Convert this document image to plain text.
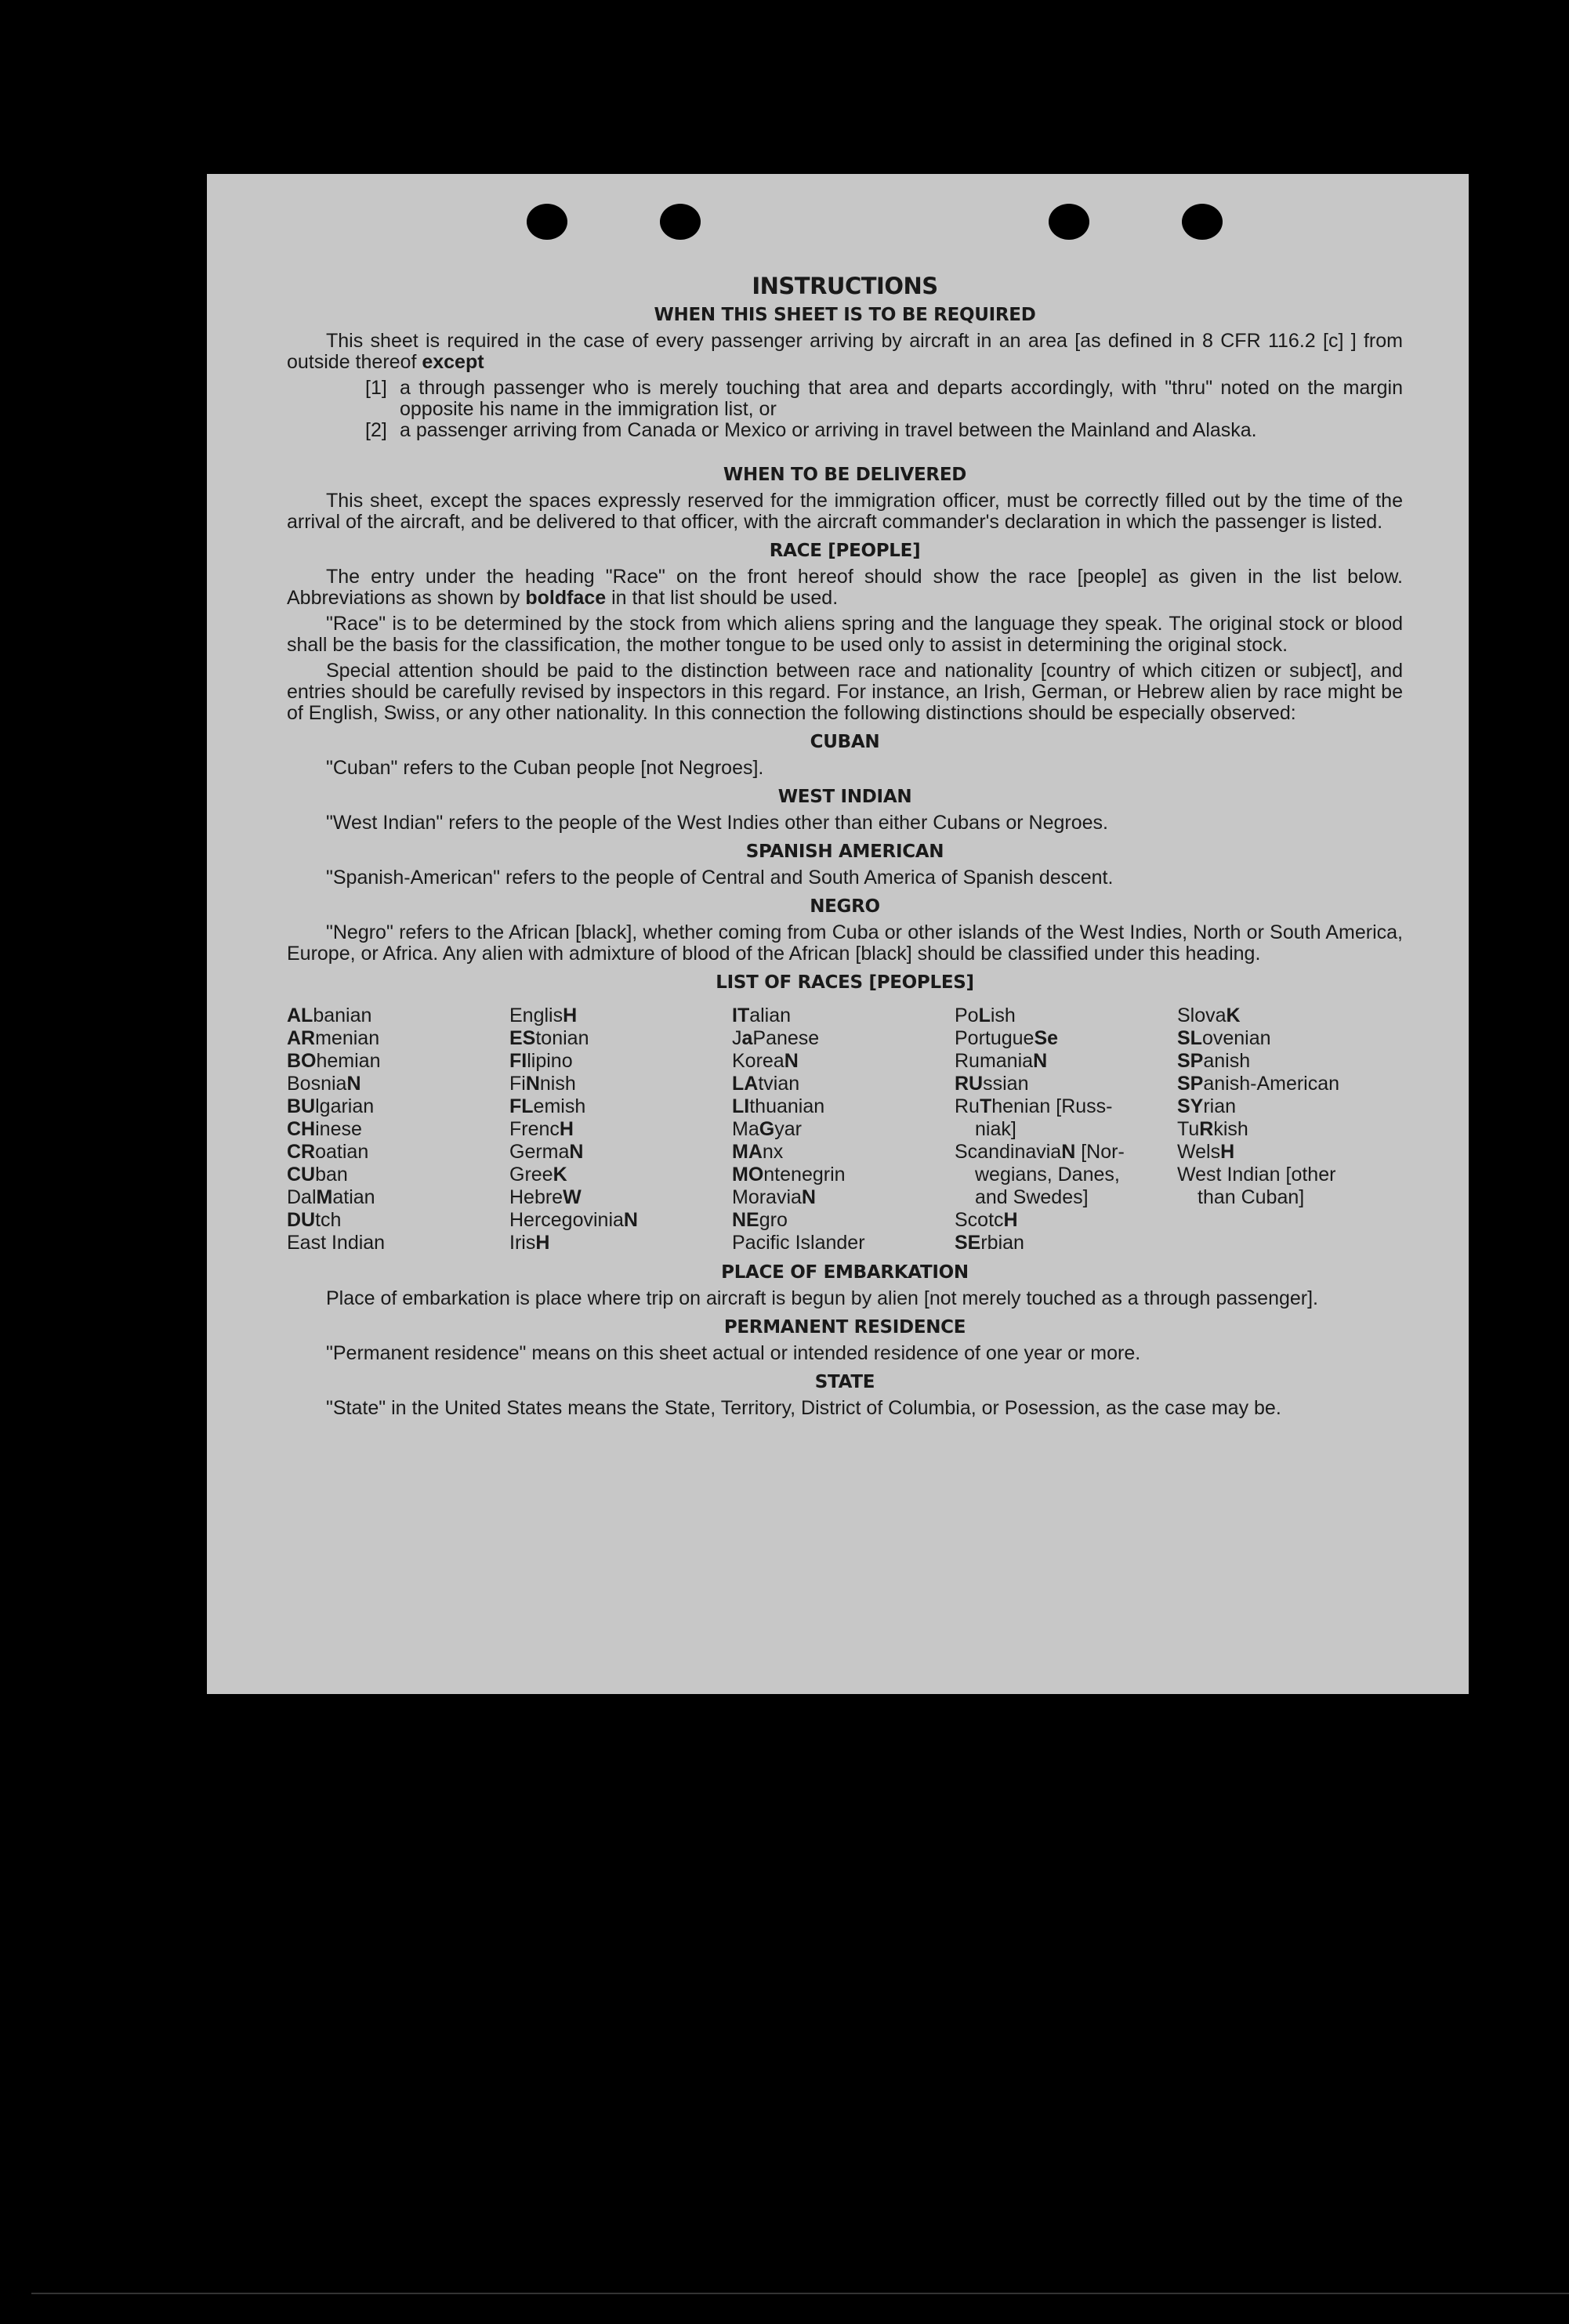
INSTRUCTIONS
WHEN THIS SHEET IS TO BE REQUIRED

This sheet is required in the case of every passenger arriving by aircraft in an area [as defined in 8 CFR 116.2 [c] ] from outside thereof except

[1] a through passenger who is merely touching that area and departs accordingly, with "thru" noted on the margin opposite his name in the immigration list, or
[2] a passenger arriving from Canada or Mexico or arriving in travel between the Mainland and Alaska.
WHEN TO BE DELIVERED

This sheet, except the spaces expressly reserved for the immigration officer, must be correctly filled out by the time of the arrival of the aircraft, and be delivered to that officer, with the aircraft commander's declaration in which the passenger is listed.

RACE [PEOPLE]

The entry under the heading "Race" on the front hereof should show the race [people] as given in the list below. Abbreviations as shown by boldface in that list should be used.

"Race" is to be determined by the stock from which aliens spring and the language they speak. The original stock or blood shall be the basis for the classification, the mother tongue to be used only to assist in determining the original stock.

Special attention should be paid to the distinction between race and nationality [country of which citizen or subject], and entries should be carefully revised by inspectors in this regard. For instance, an Irish, German, or Hebrew alien by race might be of English, Swiss, or any other nationality. In this connection the following distinctions should be especially observed:

CUBAN

"Cuban" refers to the Cuban people [not Negroes].

WEST INDIAN

"West Indian" refers to the people of the West Indies other than either Cubans or Negroes.

SPANISH AMERICAN

"Spanish-American" refers to the people of Central and South America of Spanish descent.

NEGRO

"Negro" refers to the African [black], whether coming from Cuba or other islands of the West Indies, North or South America, Europe, or Africa. Any alien with admixture of blood of the African [black] should be classified under this heading.

LIST OF RACES [PEOPLES]
ALbanian
ARmenian
BOhemian
BosniaN
BUlgarian
CHinese
CRoatian
CUban
DalMatian
DUtch
East Indian
EnglisH
EStonian
FIlipino
FiNnish
FLemish
FrencH
GermaN
GreeK
HebreW
HercegoviniaN
IrisH
ITalian
JaPanese
KoreaN
LAtvian
LIthuanian
MaGyar
MAnx
MOntenegrin
MoraviaN
NEgro
Pacific Islander
PoLish
PortugueSe
RumaniaN
RUssian
RuThenian [Russ-
niak]
ScandinaviaN [Nor-
wegians, Danes,
and Swedes]
ScotcH
SErbian
SlovaK
SLovenian
SPanish
SPanish-American
SYrian
TuRkish
WelsH
West Indian [other
than Cuban]
PLACE OF EMBARKATION

Place of embarkation is place where trip on aircraft is begun by alien [not merely touched as a through passenger].

PERMANENT RESIDENCE

"Permanent residence" means on this sheet actual or intended residence of one year or more.

STATE

"State" in the United States means the State, Territory, District of Columbia, or Posession, as the case may be.
